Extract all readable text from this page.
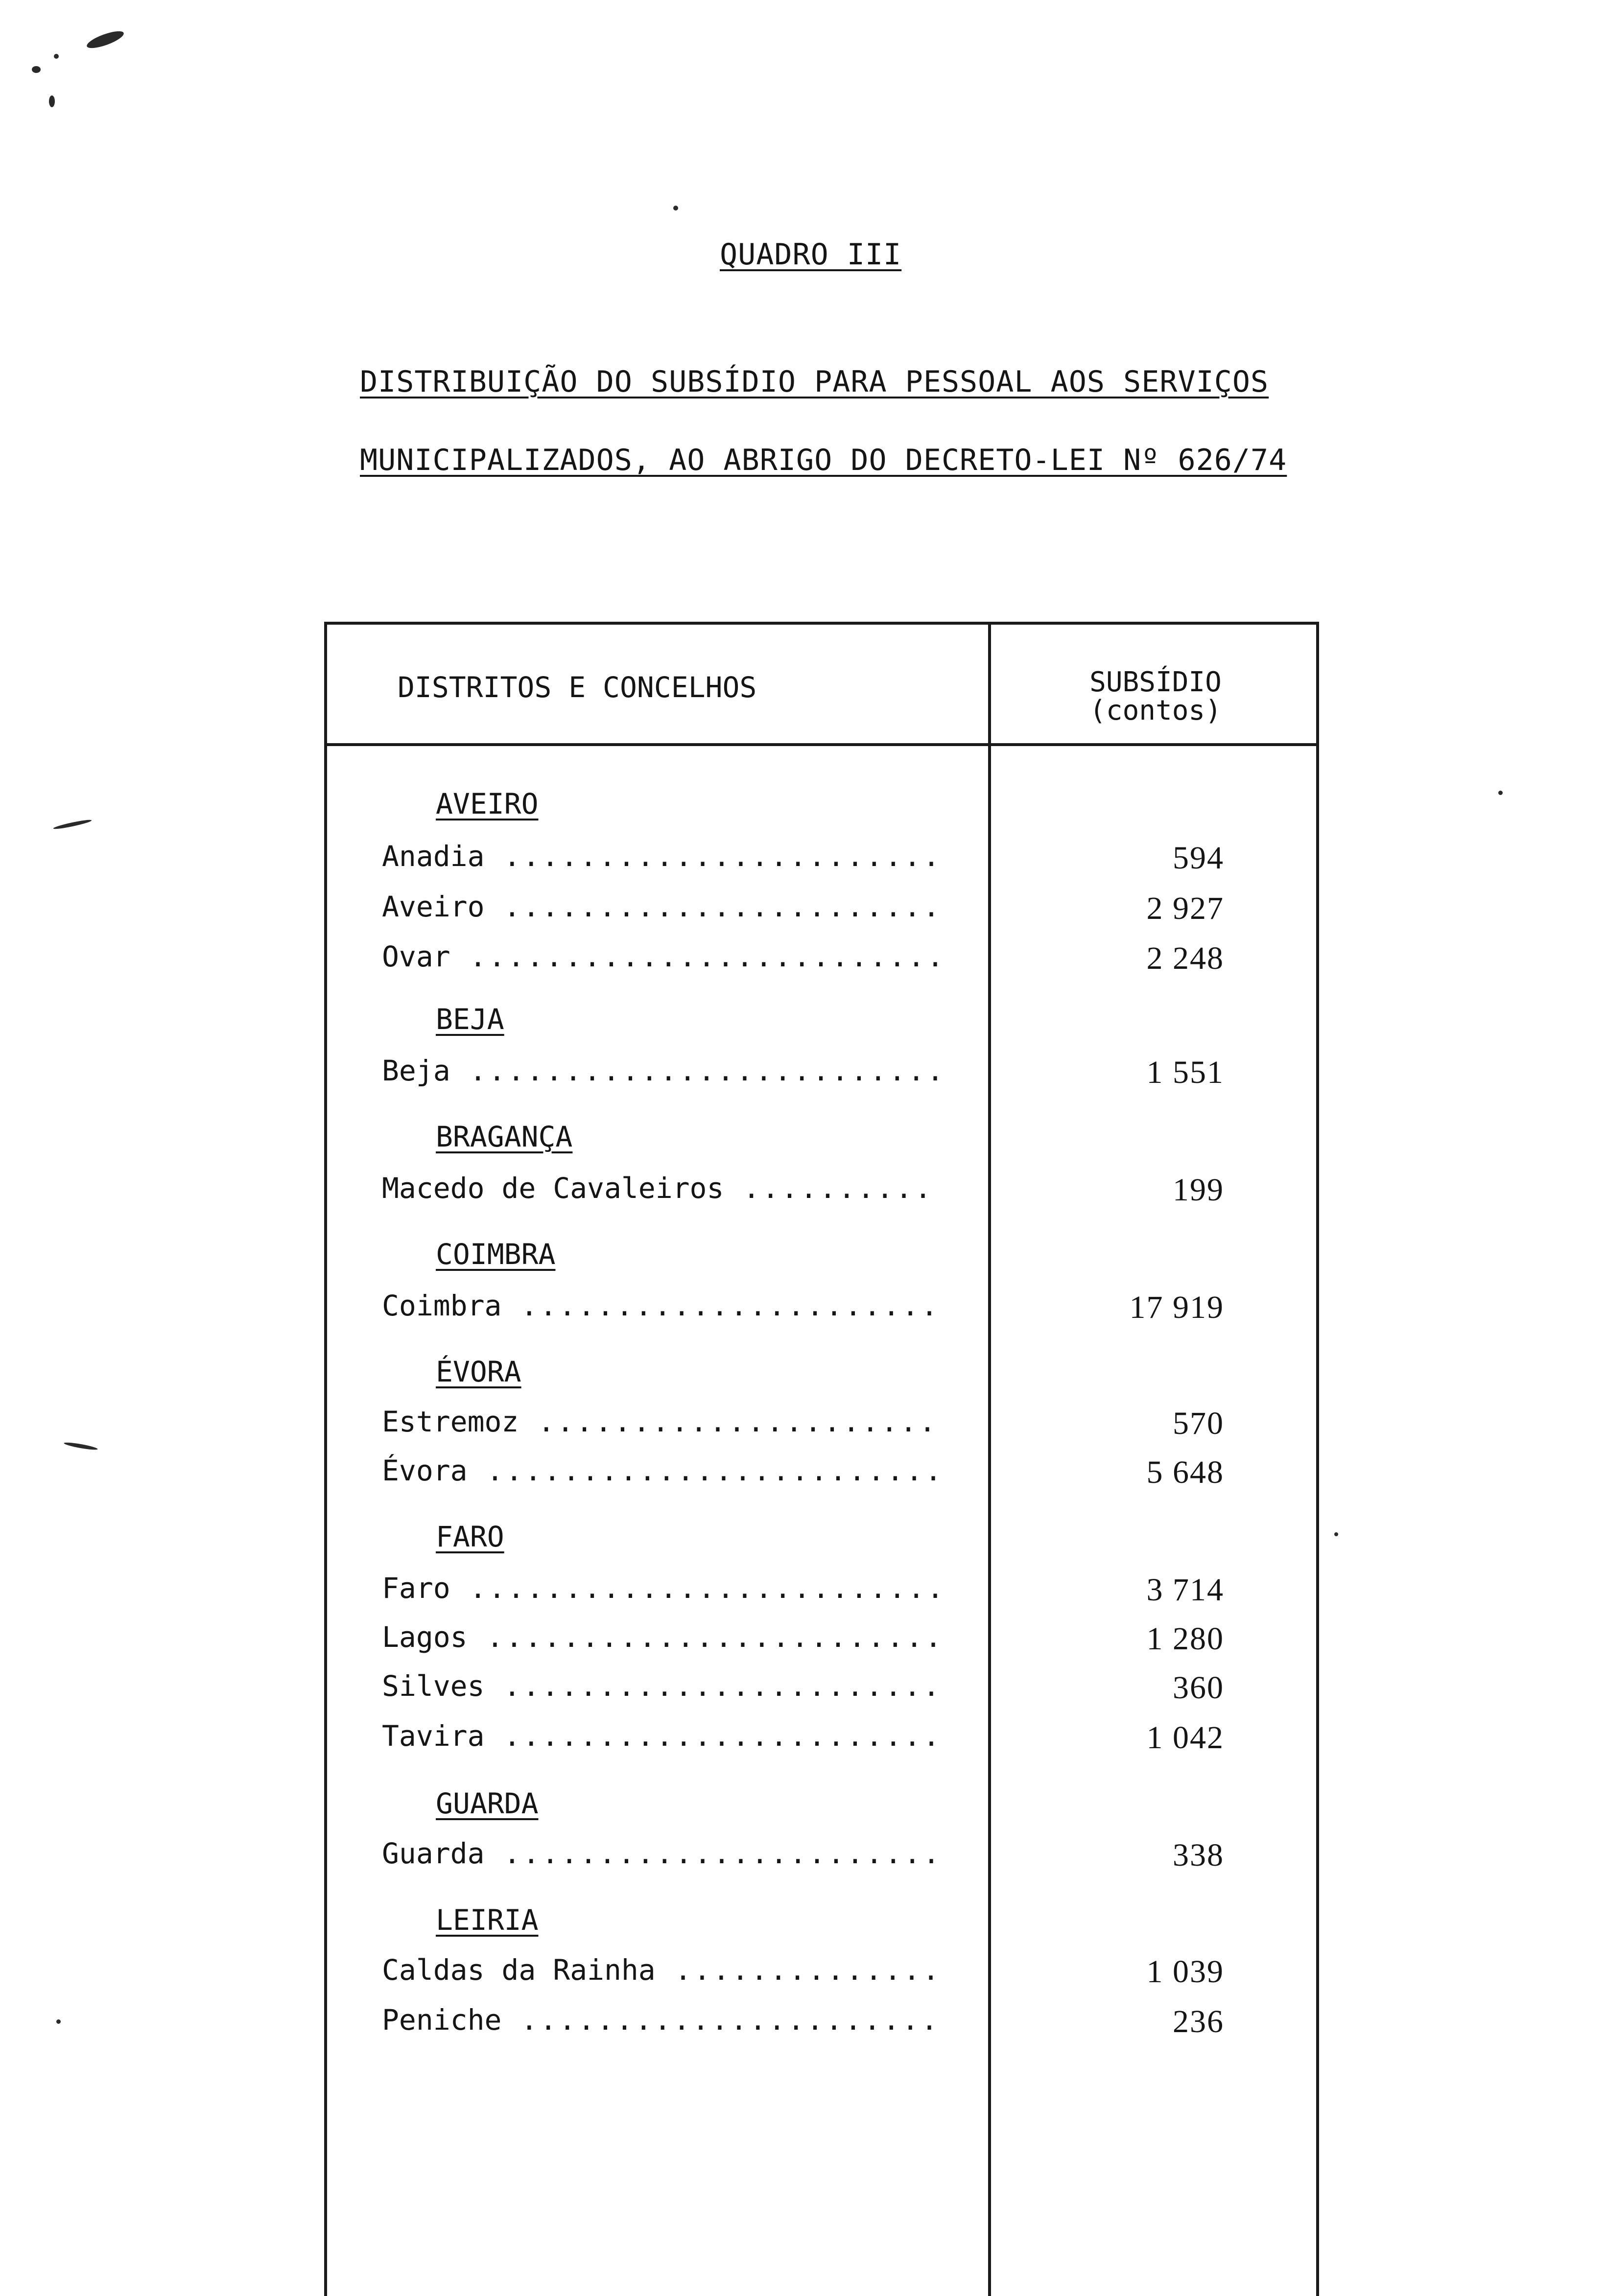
QUADRO III
DISTRIBUIÇÃO DO SUBSÍDIO PARA PESSOAL AOS SERVIÇOS
MUNICIPALIZADOS, AO ABRIGO DO DECRETO-LEI Nº 626/74
DISTRITOS E CONCELHOS	SUBSÍDIO
(contos)
AVEIRO
Anadia .....	594
Aveiro .....	2 927
Ovar .....	2 248
BEJA
Beja .....	1 551
BRAGANÇA
Macedo de Cavaleiros .....	199
COIMBRA
Coimbra .....	17 919
ÉVORA
Estremoz .....	570
Évora .....	5 648
FARO
Faro .....	3 714
Lagos .....	1 280
Silves .....	360
Tavira .....	1 042
GUARDA
Guarda .....	338
LEIRIA
Caldas da Rainha .....	1 039
Peniche .....	236
